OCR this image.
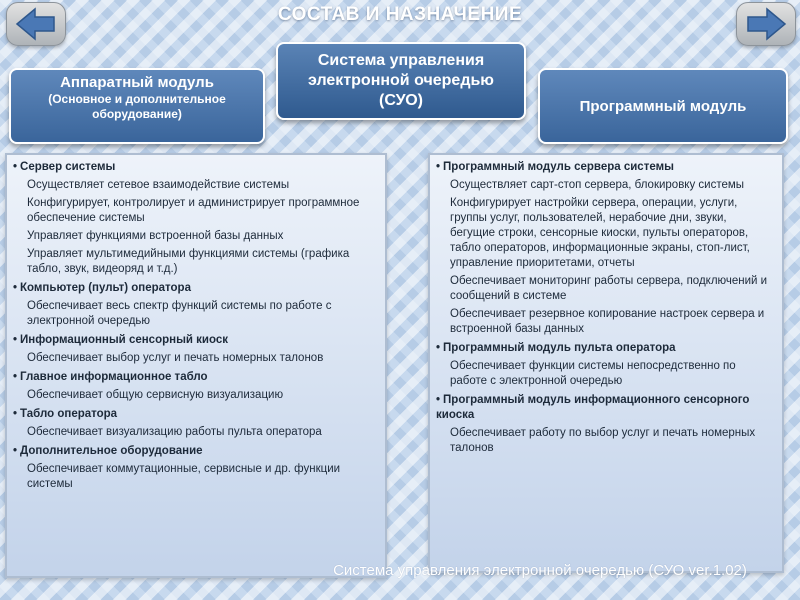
СОСТАВ И НАЗНАЧЕНИЕ
Система управления электронной очередью (СУО)
Аппаратный модуль
(Основное и дополнительное оборудование)	Программный модуль
• Сервер системы
Осуществляет сетевое взаимодействие системы
Конфигурирует, контролирует и администрирует программное обеспечение системы
Управляет функциями встроенной базы данных
Управляет мультимедийными функциями системы (графика табло, звук, видеоряд и т.д.)
• Компьютер (пульт) оператора
Обеспечивает весь спектр функций системы по работе с электронной очередью
• Информационный сенсорный киоск
Обеспечивает выбор услуг и печать номерных талонов
• Главное информационное табло
Обеспечивает общую сервисную визуализацию
• Табло оператора
Обеспечивает визуализацию работы пульта оператора
• Дополнительное оборудование
Обеспечивает коммутационные, сервисные и др. функции системы
• Программный модуль сервера системы
Осуществляет сарт-стоп сервера, блокировку системы
Конфигурирует настройки сервера, операции, услуги, группы услуг, пользователей, нерабочие дни, звуки, бегущие строки, сенсорные киоски, пульты операторов, табло операторов, информационные экраны, стоп-лист, управление приоритетами, отчеты
Обеспечивает мониторинг работы сервера, подключений и сообщений в системе
Обеспечивает резервное копирование настроек сервера и встроенной базы данных
• Программный модуль пульта оператора
Обеспечивает функции системы непосредственно по работе с электронной очередью
• Программный модуль информационного сенсорного киоска
Обеспечивает работу по выбор услуг и печать номерных талонов
Система управления электронной очередью (СУО ver.1.02)
